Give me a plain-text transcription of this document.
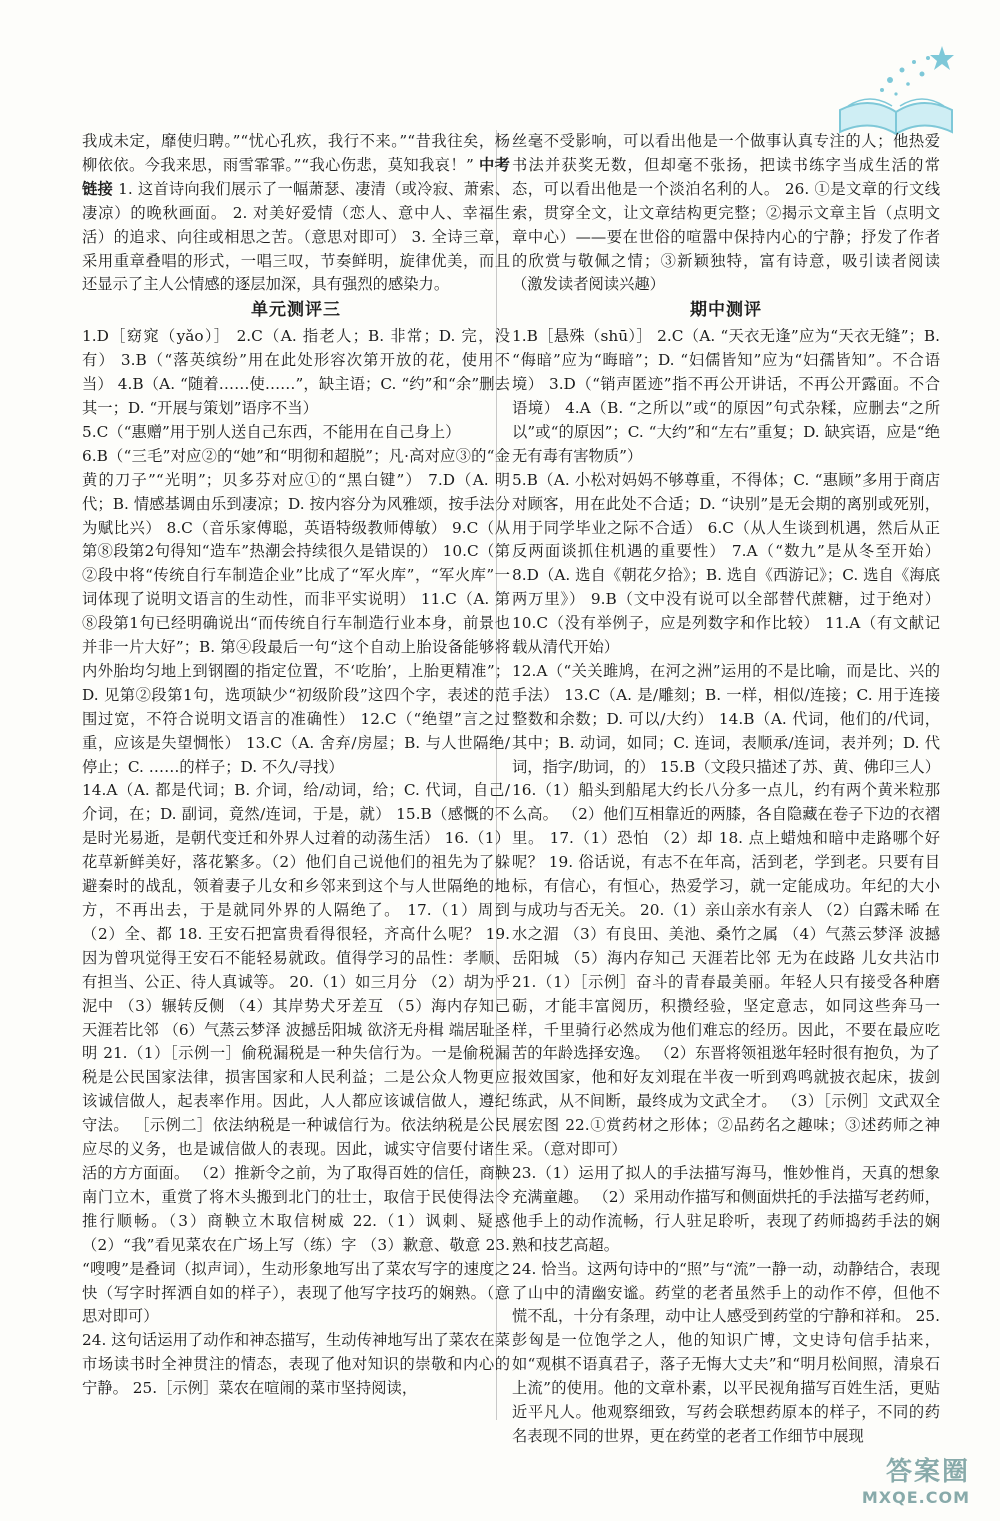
我成未定，靡使归聘。”“忧心孔疚，我行不来。”“昔我往矣，杨柳依依。今我来思，雨雪霏霏。”“我心伤悲，莫知我哀！” 中考链接 1. 这首诗向我们展示了一幅萧瑟、凄清（或冷寂、萧索、凄凉）的晚秋画面。 2. 对美好爱情（恋人、意中人、幸福生活）的追求、向往或相思之苦。（意思对即可） 3. 全诗三章，采用重章叠唱的形式，一唱三叹，节奏鲜明，旋律优美，而且还显示了主人公情感的逐层加深，具有强烈的感染力。

单元测评三

1.D［窈窕（yǎo）］ 2.C（A. 指老人；B. 非常；D. 完，没有） 3.B（“落英缤纷”用在此处形容次第开放的花，使用不当） 4.B（A. “随着……使……”，缺主语；C. “约”和“余”删去其一；D. “开展与策划”语序不当）

5.C（“惠赠”用于别人送自己东西，不能用在自己身上）

6.B（“三毛”对应②的“她”和“明彻和超脱”；凡·高对应③的“金黄的刀子”“光明”；贝多芬对应①的“黑白键”） 7.D（A. 明代；B. 情感基调由乐到凄凉；D. 按内容分为风雅颂，按手法分为赋比兴） 8.C（音乐家傅聪，英语特级教师傅敏） 9.C（从第⑧段第2句得知“造车”热潮会持续很久是错误的） 10.C（第②段中将“传统自行车制造企业”比成了“军火库”，“军火库”一词体现了说明文语言的生动性，而非平实说明） 11.C（A. 第⑧段第1句已经明确说出“而传统自行车制造行业本身，前景也并非一片大好”；B. 第④段最后一句“这个自动上胎设备能够将内外胎均匀地上到钢圈的指定位置，不‘吃胎’，上胎更精准”；D. 见第②段第1句，选项缺少“初级阶段”这四个字，表述的范围过宽，不符合说明文语言的准确性） 12.C（“绝望”言之过重，应该是失望惆怅） 13.C（A. 舍弃/房屋；B. 与人世隔绝/停止；C. ……的样子；D. 不久/寻找）

14.A（A. 都是代词；B. 介词，给/动词，给；C. 代词，自己/介词，在；D. 副词，竟然/连词，于是，就） 15.B（感慨的不是时光易逝，是朝代变迁和外界人过着的动荡生活） 16.（1）花草新鲜美好，落花繁多。（2）他们自己说他们的祖先为了躲避秦时的战乱，领着妻子儿女和乡邻来到这个与人世隔绝的地方，不再出去，于是就同外界的人隔绝了。 17.（1）周到 （2）全、都 18. 王安石把富贵看得很轻，齐高什么呢？ 19. 因为曾巩觉得王安石不能轻易就政。值得学习的品性：孝顺、有担当、公正、待人真诚等。 20.（1）如三月分 （2）胡为乎泥中 （3）辗转反侧 （4）其岸势犬牙差互 （5）海内存知己 天涯若比邻 （6）气蒸云梦泽 波撼岳阳城 欲济无舟楫 端居耻圣明 21.（1）［示例一］偷税漏税是一种失信行为。一是偷税漏税是公民国家法律，损害国家和人民利益；二是公众人物更应该诚信做人，起表率作用。因此，人人都应该诚信做人，遵纪守法。 ［示例二］依法纳税是一种诚信行为。依法纳税是公民应尽的义务，也是诚信做人的表现。因此，诚实守信要付诸生活的方方面面。 （2）推新令之前，为了取得百姓的信任，商鞅南门立木，重赏了将木头搬到北门的壮士，取信于民使得法令推行顺畅。（3）商鞅立木取信树威 22.（1）讽刺、疑惑 （2）“我”看见菜农在广场上写（练）字 （3）歉意、敬意 23. “嗖嗖”是叠词（拟声词），生动形象地写出了菜农写字的速度之快（写字时挥洒自如的样子），表现了他写字技巧的娴熟。（意思对即可）

24. 这句话运用了动作和神态描写，生动传神地写出了菜农在菜市场读书时全神贯注的情态，表现了他对知识的崇敬和内心的宁静。 25.［示例］菜农在喧闹的菜市坚持阅读，

丝毫不受影响，可以看出他是一个做事认真专注的人；他热爱书法并获奖无数，但却毫不张扬，把读书练字当成生活的常态，可以看出他是一个淡泊名利的人。 26. ①是文章的行文线索，贯穿全文，让文章结构更完整；②揭示文章主旨（点明文章中心）——要在世俗的喧嚣中保持内心的宁静；抒发了作者的欣赏与敬佩之情；③新颖独特，富有诗意，吸引读者阅读（激发读者阅读兴趣）

期中测评

1.B［悬殊（shū）］ 2.C（A. “天衣无逢”应为“天衣无缝”；B. “侮暗”应为“晦暗”；D. “妇儒皆知”应为“妇孺皆知”。不合语境） 3.D（“销声匿迹”指不再公开讲话，不再公开露面。不合语境） 4.A（B. “之所以”或“的原因”句式杂糅，应删去“之所以”或“的原因”；C. “大约”和“左右”重复；D. 缺宾语，应是“绝无有毒有害物质”）

5.B（A. 小松对妈妈不够尊重，不得体；C. “惠顾”多用于商店对顾客，用在此处不合适；D. “诀别”是无会期的离别或死别，用于同学毕业之际不合适） 6.C（从人生谈到机遇，然后从正反两面谈抓住机遇的重要性） 7.A（“数九”是从冬至开始） 8.D（A. 选自《朝花夕拾》；B. 选自《西游记》；C. 选自《海底两万里》） 9.B（文中没有说可以全部替代蔗糖，过于绝对） 10.C（没有举例子，应是列数字和作比较） 11.A（有文献记载从清代开始）

12.A（“关关雎鸠，在河之洲”运用的不是比喻，而是比、兴的手法） 13.C（A. 是/雕刻；B. 一样，相似/连接；C. 用于连接整数和余数；D. 可以/大约） 14.B（A. 代词，他们的/代词，其中；B. 动词，如同；C. 连词，表顺承/连词，表并列；D. 代词，指字/助词，的） 15.B（文段只描述了苏、黄、佛印三人） 16.（1）船头到船尾大约长八分多一点儿，约有两个黄米粒那么高。 （2）他们互相靠近的两膝，各自隐藏在卷子下边的衣褶里。 17.（1）恐怕 （2）却 18. 点上蜡烛和暗中走路哪个好呢？ 19. 俗话说，有志不在年高，活到老，学到老。只要有目标，有信心，有恒心，热爱学习，就一定能成功。年纪的大小与成功与否无关。 20.（1）亲山亲水有亲人 （2）白露未晞 在水之湄 （3）有良田、美池、桑竹之属 （4）气蒸云梦泽 波撼岳阳城 （5）海内存知己 天涯若比邻 无为在歧路 儿女共沾巾 21.（1）［示例］奋斗的青春最美丽。年轻人只有接受各种磨砺，才能丰富阅历，积攒经验，坚定意志，如同这些奔马一样，千里骑行必然成为他们难忘的经历。因此，不要在最应吃苦的年龄选择安逸。 （2）东晋将领祖逖年轻时很有抱负，为了报效国家，他和好友刘琨在半夜一听到鸡鸣就披衣起床，拔剑练武，从不间断，最终成为文武全才。 （3）［示例］文武双全展宏图 22.①赏药材之形体；②品药名之趣味；③述药师之神采。（意对即可）

23.（1）运用了拟人的手法描写海马，惟妙惟肖，天真的想象充满童趣。 （2）采用动作描写和侧面烘托的手法描写老药师，他手上的动作流畅，行人驻足聆听，表现了药师捣药手法的娴熟和技艺高超。

24. 恰当。这两句诗中的“照”与“流”一静一动，动静结合，表现了山中的清幽安谧。药堂的老者虽然手上的动作不停，但他不慌不乱，十分有条理，动中让人感受到药堂的宁静和祥和。 25. 彭匈是一位饱学之人，他的知识广博，文史诗句信手拈来，如“观棋不语真君子，落子无悔大丈夫”和“明月松间照，清泉石上流”的使用。他的文章朴素，以平民视角描写百姓生活，更贴近平凡人。他观察细致，写药会联想药原本的样子，不同的药名表现不同的世界，更在药堂的老者工作细节中展现

答案圈
MXQE.COM
